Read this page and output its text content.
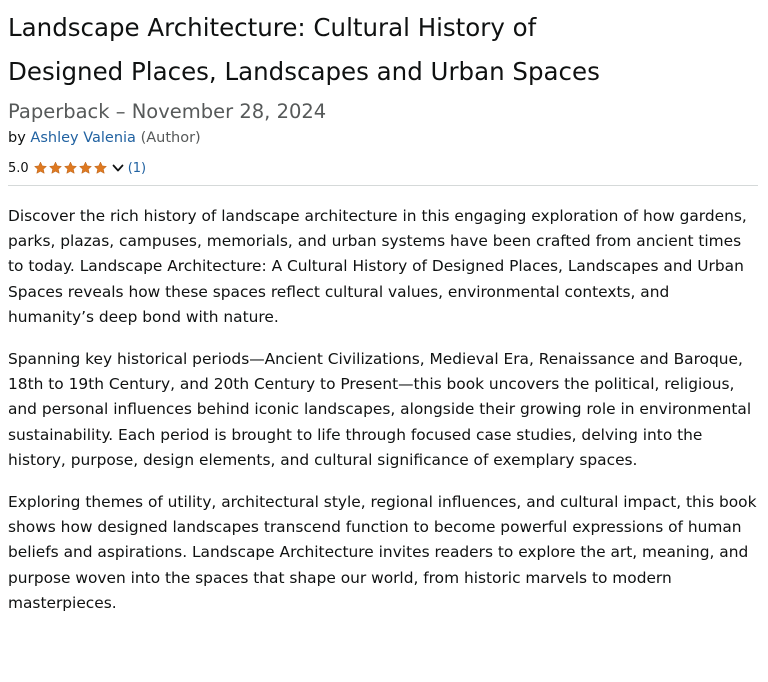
Landscape Architecture: Cultural History of
Designed Places, Landscapes and Urban Spaces
Paperback – November 28, 2024
by Ashley Valenia (Author)
5.0	(1)

Discover the rich history of landscape architecture in this engaging exploration of how gardens, parks, plazas, campuses, memorials, and urban systems have been crafted from ancient times to today. Landscape Architecture: A Cultural History of Designed Places, Landscapes and Urban Spaces reveals how these spaces reflect cultural values, environmental contexts, and humanity’s deep bond with nature.

Spanning key historical periods—Ancient Civilizations, Medieval Era, Renaissance and Baroque, 18th to 19th Century, and 20th Century to Present—this book uncovers the political, religious, and personal influences behind iconic landscapes, alongside their growing role in environmental sustainability. Each period is brought to life through focused case studies, delving into the history, purpose, design elements, and cultural significance of exemplary spaces.

Exploring themes of utility, architectural style, regional influences, and cultural impact, this book shows how designed landscapes transcend function to become powerful expressions of human beliefs and aspirations. Landscape Architecture invites readers to explore the art, meaning, and purpose woven into the spaces that shape our world, from historic marvels to modern masterpieces.
